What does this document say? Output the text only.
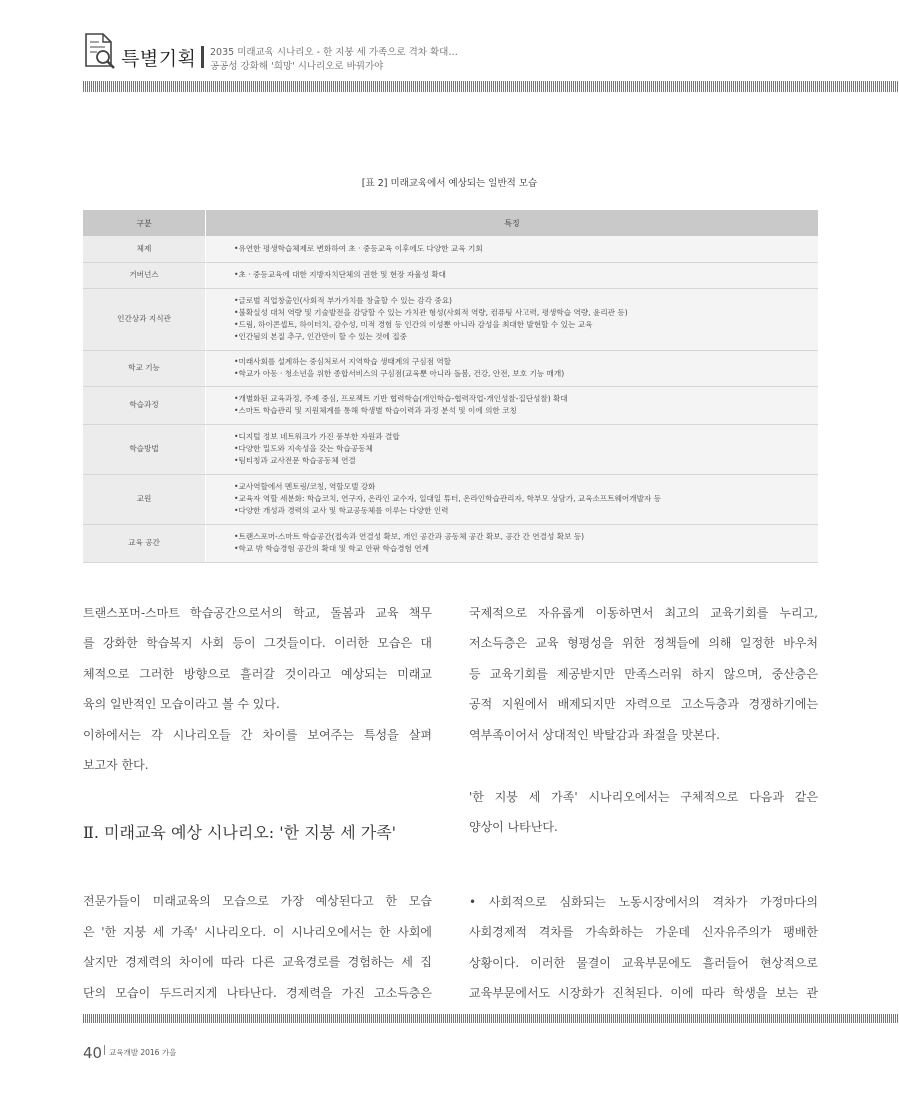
특별기획 2035 미래교육 시나리오 - 한 지붕 세 가족으로 격차 확대…
공공성 강화해 '희망' 시나리오로 바꿔가야
[표 2] 미래교육에서 예상되는 일반적 모습
구분	특징
체제	•유연한 평생학습체제로 변화하여 초 · 중등교육 이후에도 다양한 교육 기회

거버넌스	•초 · 중등교육에 대한 지방자치단체의 권한 및 현장 자율성 확대

인간상과 지식관	•글로벌 직업창출인(사회적 부가가치를 창출할 수 있는 감각 중요)
•불확실성 대처 역량 및 기술발전을 감당할 수 있는 가치관 형성(사회적 역량, 컴퓨팅 사고력, 평생학습 역량, 윤리관 등)
•드림, 하이콘셉트, 하이터치, 감수성, 미적 경험 등 인간의 이성뿐 아니라 감성을 최대한 발현할 수 있는 교육
•인간됨의 본질 추구, 인간만이 할 수 있는 것에 집중

학교 기능	•미래사회를 설계하는 중심처로서 지역학습 생태계의 구심점 역할
•학교가 아동 · 청소년을 위한 종합서비스의 구심점(교육뿐 아니라 돌봄, 건강, 안전, 보호 기능 매개)

학습과정	•개별화된 교육과정, 주제 중심, 프로젝트 기반 협력학습(개인학습-협력작업-개인성찰-집단성찰) 확대
•스마트 학습관리 및 지원체계를 통해 학생별 학습이력과 과정 분석 및 이에 의한 코칭

학습방법	•디지털 정보 네트워크가 가진 풍부한 자원과 결합
•다양한 밀도와 지속성을 갖는 학습공동체
•팀티칭과 교사전문 학습공동체 연결

교원	•교사역할에서 멘토링/코칭, 역할모델 강화
•교육자 역할 세분화: 학습코치, 연구자, 온라인 교수자, 일대일 튜터, 온라인학습관리자, 학부모 상담가, 교육소프트웨어개발자 등
•다양한 개성과 경력의 교사 및 학교공동체를 이루는 다양한 인력

교육 공간	•트랜스포머-스마트 학습공간(접속과 연결성 확보, 개인 공간과 공동체 공간 확보, 공간 간 연결성 확보 등)
•학교 밖 학습경험 공간의 확대 및 학교 안팎 학습경험 연계
트랜스포머-스마트 학습공간으로서의 학교, 돌봄과 교육 책무
를 강화한 학습복지 사회 등이 그것들이다. 이러한 모습은 대
체적으로 그러한 방향으로 흘러갈 것이라고 예상되는 미래교
육의 일반적인 모습이라고 볼 수 있다.
이하에서는 각 시나리오들 간 차이를 보여주는 특성을 살펴
보고자 한다.
Ⅱ. 미래교육 예상 시나리오: '한 지붕 세 가족'
전문가들이 미래교육의 모습으로 가장 예상된다고 한 모습
은 '한 지붕 세 가족' 시나리오다. 이 시나리오에서는 한 사회에
살지만 경제력의 차이에 따라 다른 교육경로를 경험하는 세 집
단의 모습이 두드러지게 나타난다. 경제력을 가진 고소득층은
국제적으로 자유롭게 이동하면서 최고의 교육기회를 누리고,
저소득층은 교육 형평성을 위한 정책들에 의해 일정한 바우처
등 교육기회를 제공받지만 만족스러워 하지 않으며, 중산층은
공적 지원에서 배제되지만 자력으로 고소득층과 경쟁하기에는
역부족이어서 상대적인 박탈감과 좌절을 맛본다.
'한 지붕 세 가족' 시나리오에서는 구체적으로 다음과 같은
양상이 나타난다.
• 사회적으로 심화되는 노동시장에서의 격차가 가정마다의
사회경제적 격차를 가속화하는 가운데 신자유주의가 팽배한
상황이다. 이러한 물결이 교육부문에도 흘러들어 현상적으로
교육부문에서도 시장화가 진척된다. 이에 따라 학생을 보는 관
40 교육개발 2016 가을
